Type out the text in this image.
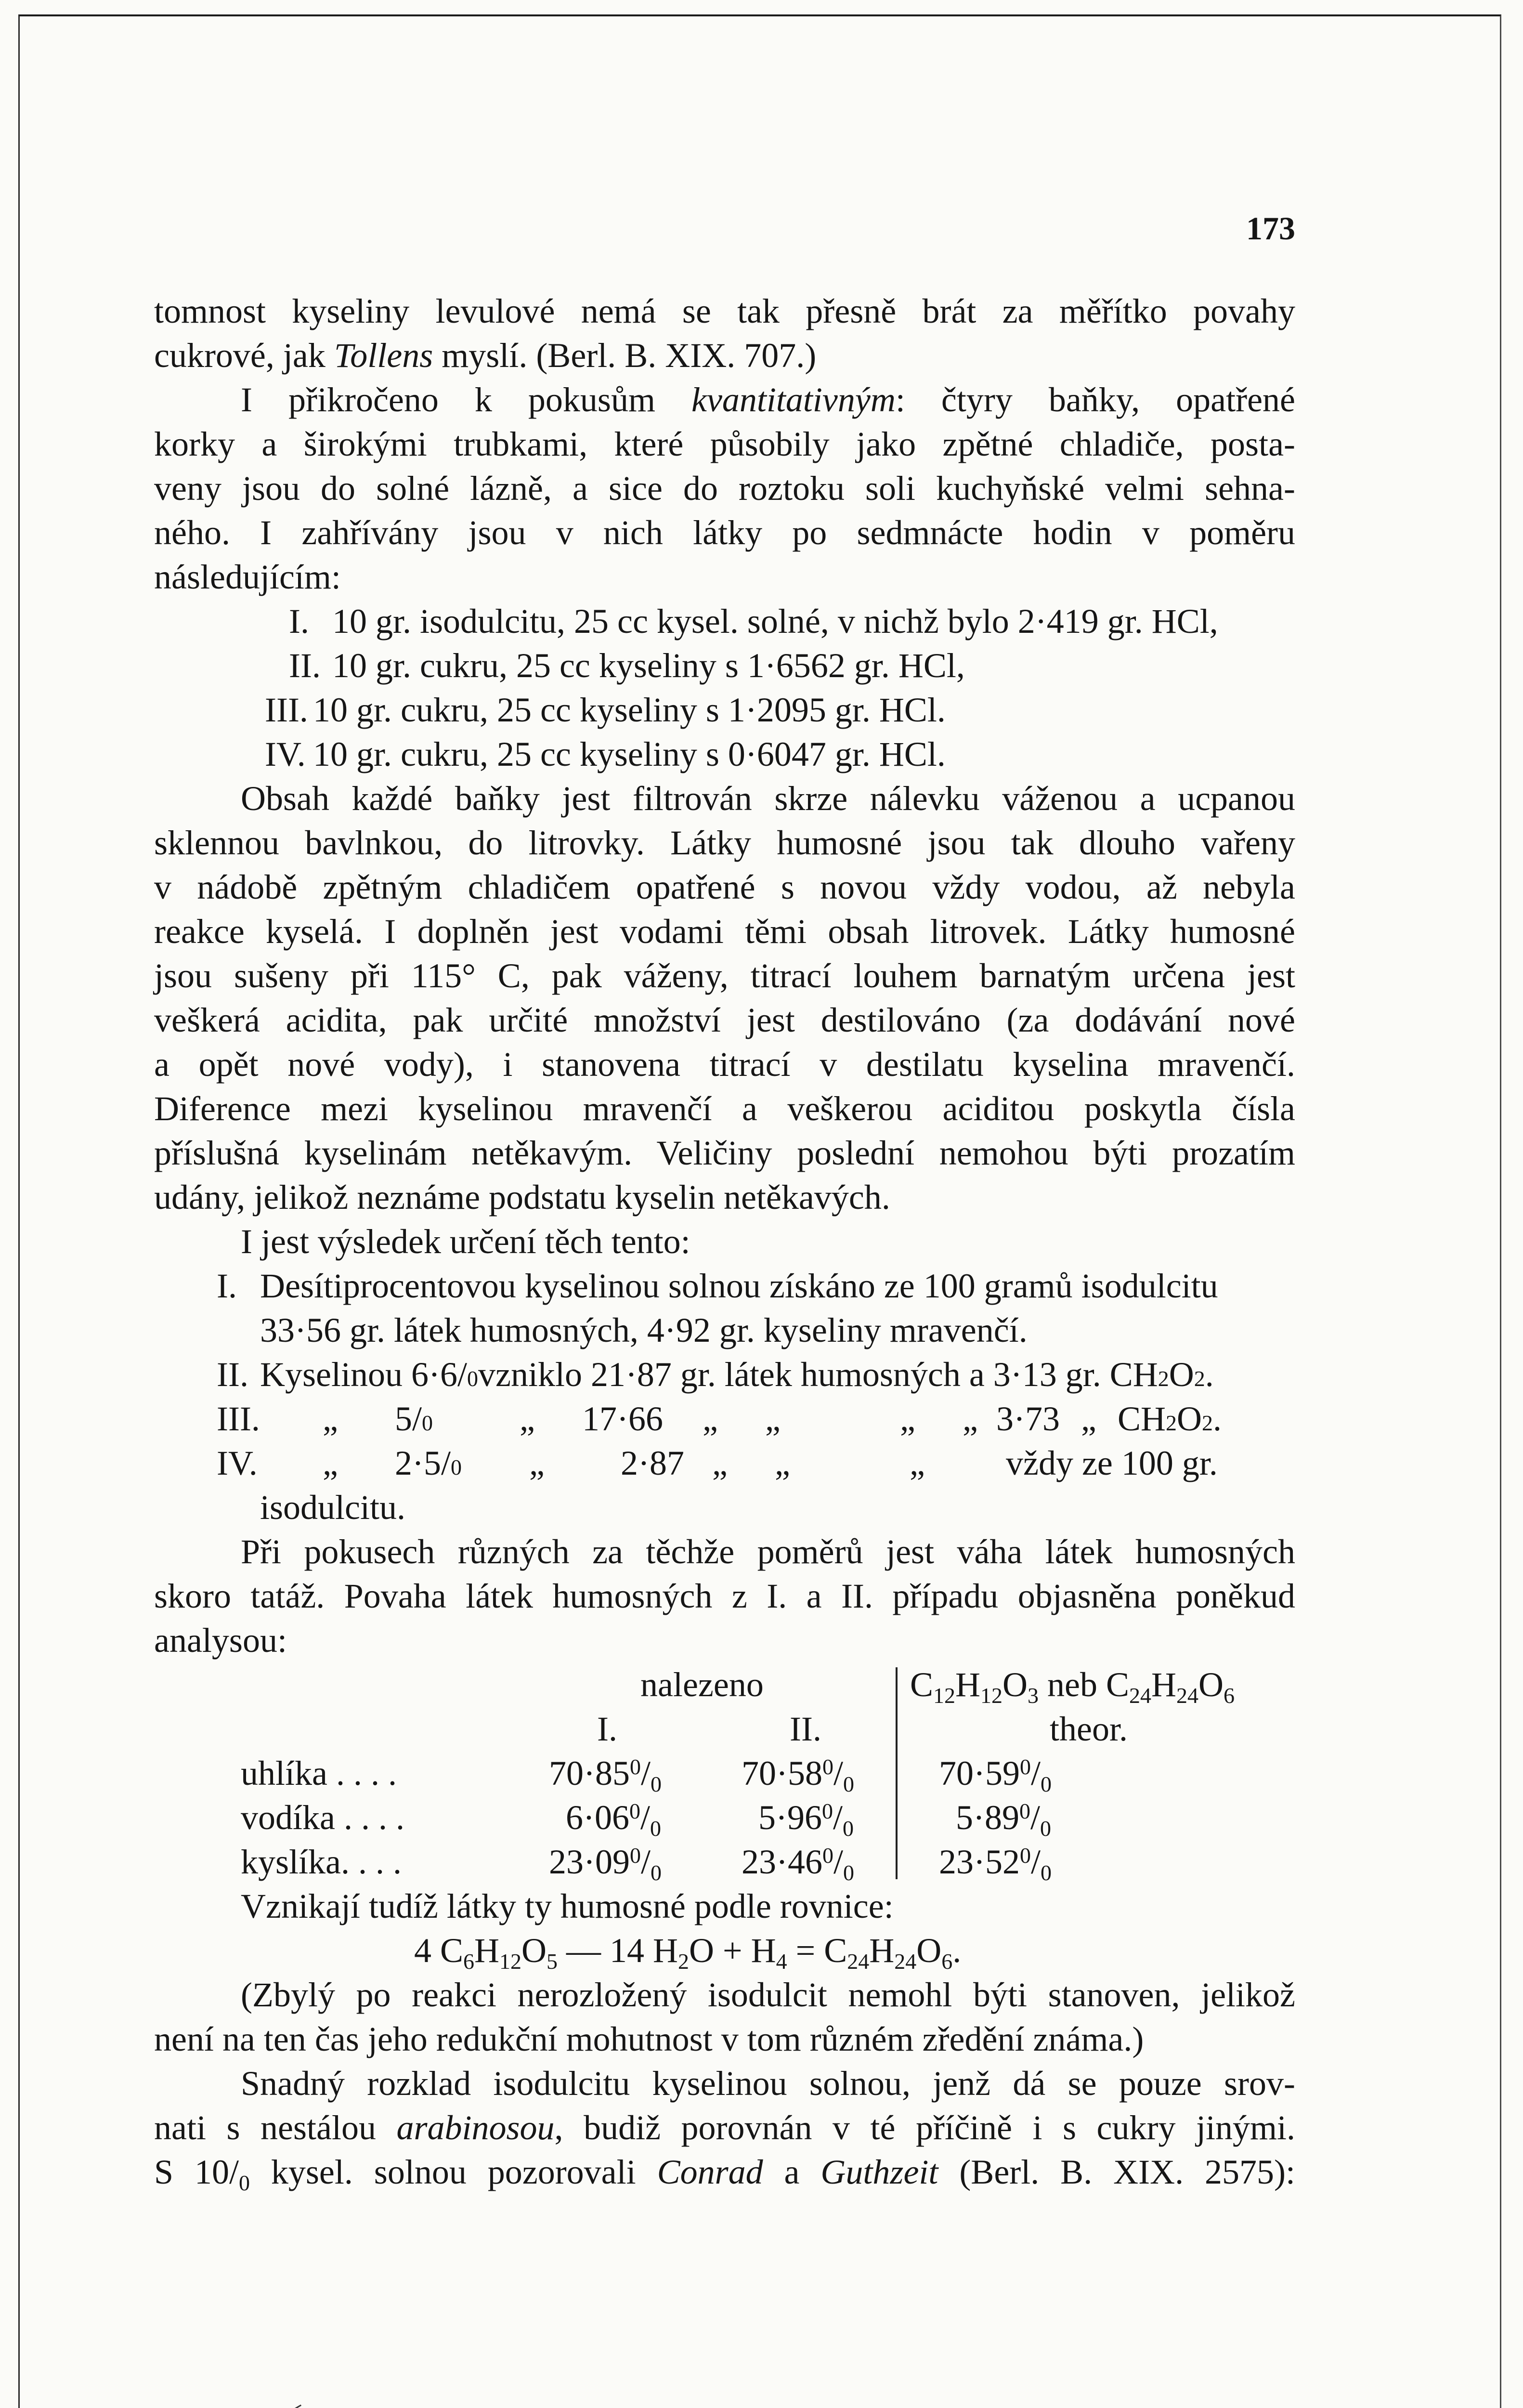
173
tomnost kyseliny levulové nemá se tak přesně brát za měřítko povahy
cukrové, jak Tollens myslí. (Berl. B. XIX. 707.)
I přikročeno k pokusům kvantitativným: čtyry baňky, opatřené
korky a širokými trubkami, které působily jako zpětné chladiče, posta-
veny jsou do solné lázně, a sice do roztoku soli kuchyňské velmi sehna-
ného. I zahřívány jsou v nich látky po sedmnácte hodin v poměru
následujícím:
I. 10 gr. isodulcitu, 25 cc kysel. solné, v nichž bylo 2·419 gr. HCl,
II. 10 gr. cukru, 25 cc kyseliny s 1·6562 gr. HCl,
III. 10 gr. cukru, 25 cc kyseliny s 1·2095 gr. HCl.
IV. 10 gr. cukru, 25 cc kyseliny s 0·6047 gr. HCl.
Obsah každé baňky jest filtrován skrze nálevku váženou a ucpanou
sklennou bavlnkou, do litrovky. Látky humosné jsou tak dlouho vařeny
v nádobě zpětným chladičem opatřené s novou vždy vodou, až nebyla
reakce kyselá. I doplněn jest vodami těmi obsah litrovek. Látky humosné
jsou sušeny při 115° C, pak váženy, titrací louhem barnatým určena jest
veškerá acidita, pak určité množství jest destilováno (za dodávání nové
a opět nové vody), i stanovena titrací v destilatu kyselina mravenčí.
Diference mezi kyselinou mravenčí a veškerou aciditou poskytla čísla
příslušná kyselinám netěkavým. Veličiny poslední nemohou býti prozatím
udány, jelikož neznáme podstatu kyselin netěkavých.
I jest výsledek určení těch tento:
I. Desítiprocentovou kyselinou solnou získáno ze 100 gramů isodulcitu
33·56 gr. látek humosných, 4·92 gr. kyseliny mravenčí.
II. Kyselinou 6·6 / 0 vzniklo 21·87 gr. látek humosných a 3·13 gr. CH 2 O 2 .
III.	„	5 / 0	„	17·66	„	„	„	„ 3·73 „ CH 2 O 2 .
IV.	„	2·5 / 0 „	2·87 „	„	„	vždy ze 100 gr.
isodulcitu.
Při pokusech různých za těchže poměrů jest váha látek humosných
skoro tatáž. Povaha látek humosných z I. a II. případu objasněna poněkud
analysou:
nalezeno	$C_{12}H_{12}O_3$ neb $C_{24}H_{24}O_6$
I.	II.	theor.
uhlíka . . . .	$70\cdot 85^0/_0$ $70\cdot 58^0/_0$ $70\cdot 59^0/_0$
vodíka . . . .	$6\cdot 06^0/_0$	$5\cdot 96^0/_0$	$5\cdot 89^0/_0$
kyslíka. . . .	$23\cdot 09^0/_0$ $23\cdot 46^0/_0$ $23\cdot 52^0/_0$
Vznikají tudíž látky ty humosné podle rovnice:
4 $C_6H_{12}O_5$ — 14 $H_2O + H_4 = C_{24}H_{24}O_6$.
(Zbylý po reakci nerozložený isodulcit nemohl býti stanoven, jelikož
není na ten čas jeho redukční mohutnost v tom různém zředění známa.)
Snadný rozklad isodulcitu kyselinou solnou, jenž dá se pouze srov-
nati s nestálou arabinosou, budiž porovnán v té příčině i s cukry jinými.
S $10/_0$ kysel. solnou pozorovali Conrad a Guthzeit (Berl. B. XIX. 2575):
